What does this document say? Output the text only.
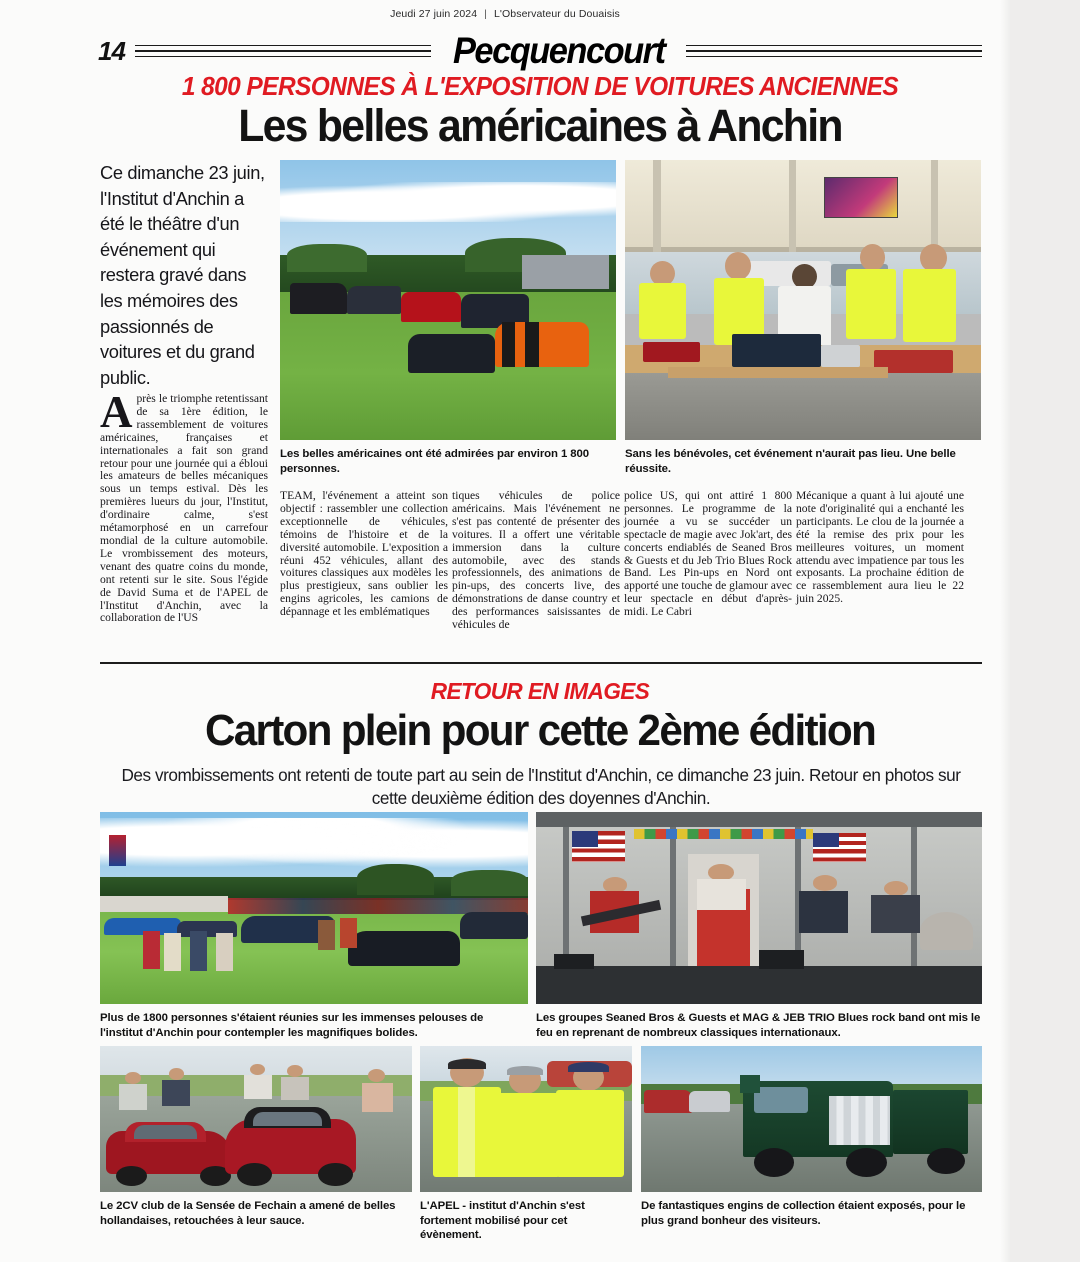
Jeudi 27 juin 2024 | L'Observateur du Douaisis
14	Pecquencourt
1 800 PERSONNES À L'EXPOSITION DE VOITURES ANCIENNES
Les belles américaines à Anchin
Ce dimanche 23 juin, l'Institut d'Anchin a été le théâtre d'un événement qui restera gravé dans les mémoires des passionnés de voitures et du grand public.
Les belles américaines ont été admirées par environ 1 800 personnes.
Sans les bénévoles, cet événement n'aurait pas lieu. Une belle réussite.

Après le triomphe retentissant de sa 1ère édition, le rassemblement de voitures américaines, françaises et internationales a fait son grand retour pour une journée qui a ébloui les amateurs de belles mécaniques sous un temps estival. Dès les premières lueurs du jour, l'Institut, d'ordinaire calme, s'est métamorphosé en un carrefour mondial de la culture automobile. Le vrombissement des moteurs, venant des quatre coins du monde, ont retenti sur le site. Sous l'égide de David Suma et de l'APEL de l'Institut d'Anchin, avec la collaboration de l'US

TEAM, l'événement a atteint son objectif : rassembler une collection exceptionnelle de véhicules, témoins de l'histoire et de la diversité automobile. L'exposition a réuni 452 véhicules, allant des voitures classiques aux modèles les plus prestigieux, sans oublier les engins agricoles, les camions de dépannage et les emblématiques

tiques véhicules de police américains. Mais l'événement ne s'est pas contenté de présenter des voitures. Il a offert une véritable immersion dans la culture automobile, avec des stands professionnels, des animations de pin-ups, des concerts live, des démonstrations de danse country et des performances saisissantes de véhicules de

police US, qui ont attiré 1 800 personnes. Le programme de la journée a vu se succéder un spectacle de magie avec Jok'art, des concerts endiablés de Seaned Bros & Guests et du Jeb Trio Blues Rock Band. Les Pin-ups en Nord ont apporté une touche de glamour avec leur spectacle en début d'après-midi. Le Cabri

Mécanique a quant à lui ajouté une note d'originalité qui a enchanté les participants. Le clou de la journée a été la remise des prix pour les meilleures voitures, un moment attendu avec impatience par tous les exposants. La prochaine édition de ce rassemblement aura lieu le 22 juin 2025.

RETOUR EN IMAGES
Carton plein pour cette 2ème édition
Des vrombissements ont retenti de toute part au sein de l'Institut d'Anchin, ce dimanche 23 juin. Retour en photos sur cette deuxième édition des doyennes d'Anchin.
Plus de 1800 personnes s'étaient réunies sur les immenses pelouses de l'institut d'Anchin pour contempler les magnifiques bolides.
Les groupes Seaned Bros & Guests et MAG & JEB TRIO Blues rock band ont mis le feu en reprenant de nombreux classiques internationaux.
Le 2CV club de la Sensée de Fechain a amené de belles hollandaises, retouchées à leur sauce.
L'APEL - institut d'Anchin s'est fortement mobilisé pour cet évènement.
De fantastiques engins de collection étaient exposés, pour le plus grand bonheur des visiteurs.
